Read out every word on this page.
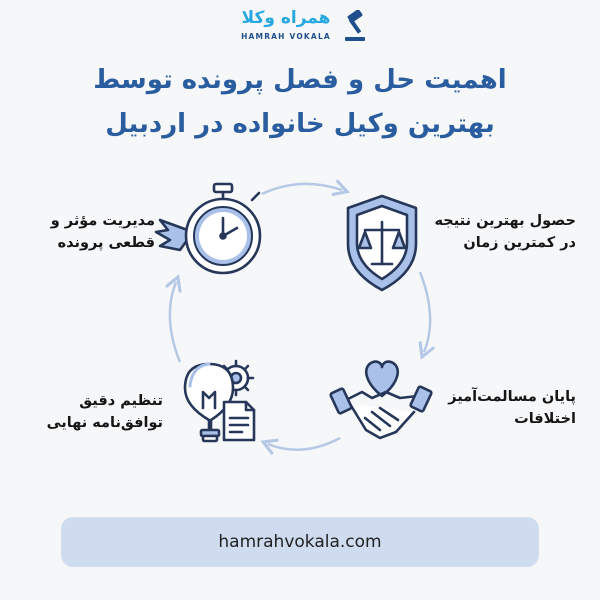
همراه وکلا
HAMRAH VOKALA
اهمیت حل و فصل پرونده توسط
بهترین وکیل خانواده در اردبیل
مدیریت مؤثر و
قطعی پرونده
حصول بهترین نتیجه
در کمترین زمان
پایان مسالمت‌آمیز
اختلافات
تنظیم دقیق
توافق‌نامه نهایی
hamrahvokala.com
